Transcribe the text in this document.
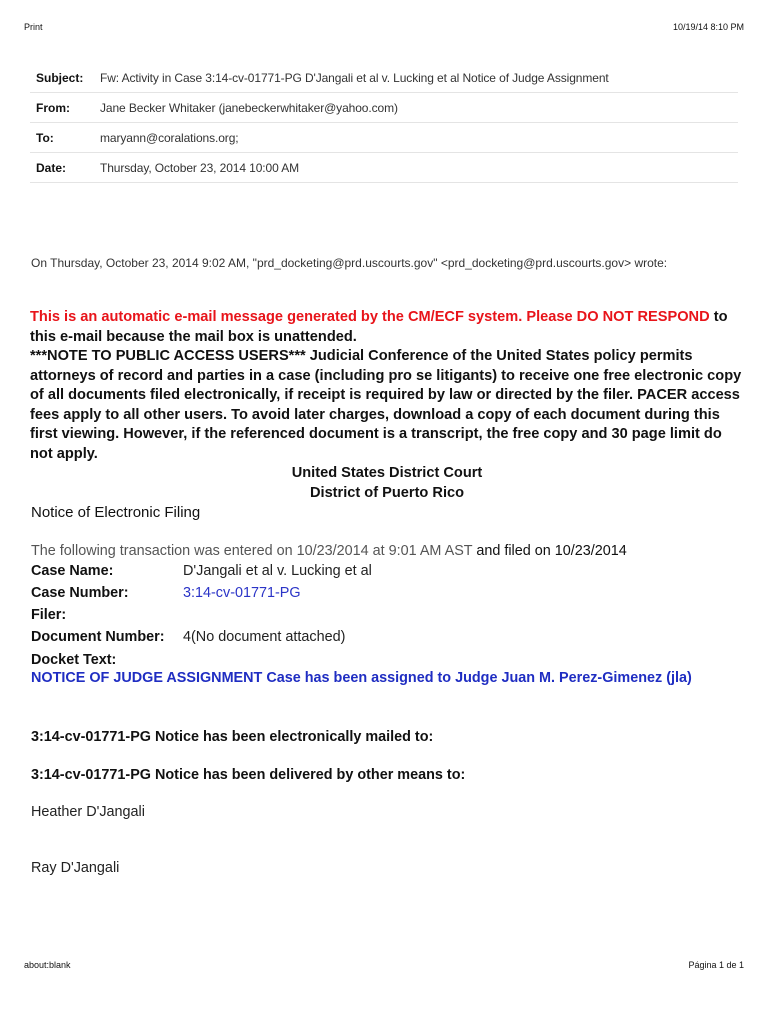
Print	10/19/14 8:10 PM
Subject:	Fw: Activity in Case 3:14-cv-01771-PG D'Jangali et al v. Lucking et al Notice of Judge Assignment
From:	Jane Becker Whitaker (janebeckerwhitaker@yahoo.com)
To:	maryann@coralations.org;
Date:	Thursday, October 23, 2014 10:00 AM
On Thursday, October 23, 2014 9:02 AM, "prd_docketing@prd.uscourts.gov" <prd_docketing@prd.uscourts.gov> wrote:
This is an automatic e-mail message generated by the CM/ECF system. Please DO NOT RESPOND to this e-mail because the mail box is unattended.
***NOTE TO PUBLIC ACCESS USERS*** Judicial Conference of the United States policy permits attorneys of record and parties in a case (including pro se litigants) to receive one free electronic copy of all documents filed electronically, if receipt is required by law or directed by the filer. PACER access fees apply to all other users. To avoid later charges, download a copy of each document during this first viewing. However, if the referenced document is a transcript, the free copy and 30 page limit do not apply.
United States District Court
District of Puerto Rico
Notice of Electronic Filing
The following transaction was entered on 10/23/2014 at 9:01 AM AST and filed on 10/23/2014
Case Name:	D'Jangali et al v. Lucking et al
Case Number:	3:14-cv-01771-PG
Filer:
Document Number:	4(No document attached)
Docket Text:
NOTICE OF JUDGE ASSIGNMENT Case has been assigned to Judge Juan M. Perez-Gimenez (jla)
3:14-cv-01771-PG Notice has been electronically mailed to:
3:14-cv-01771-PG Notice has been delivered by other means to:
Heather D'Jangali
Ray D'Jangali
about:blank	Página 1 de 1
